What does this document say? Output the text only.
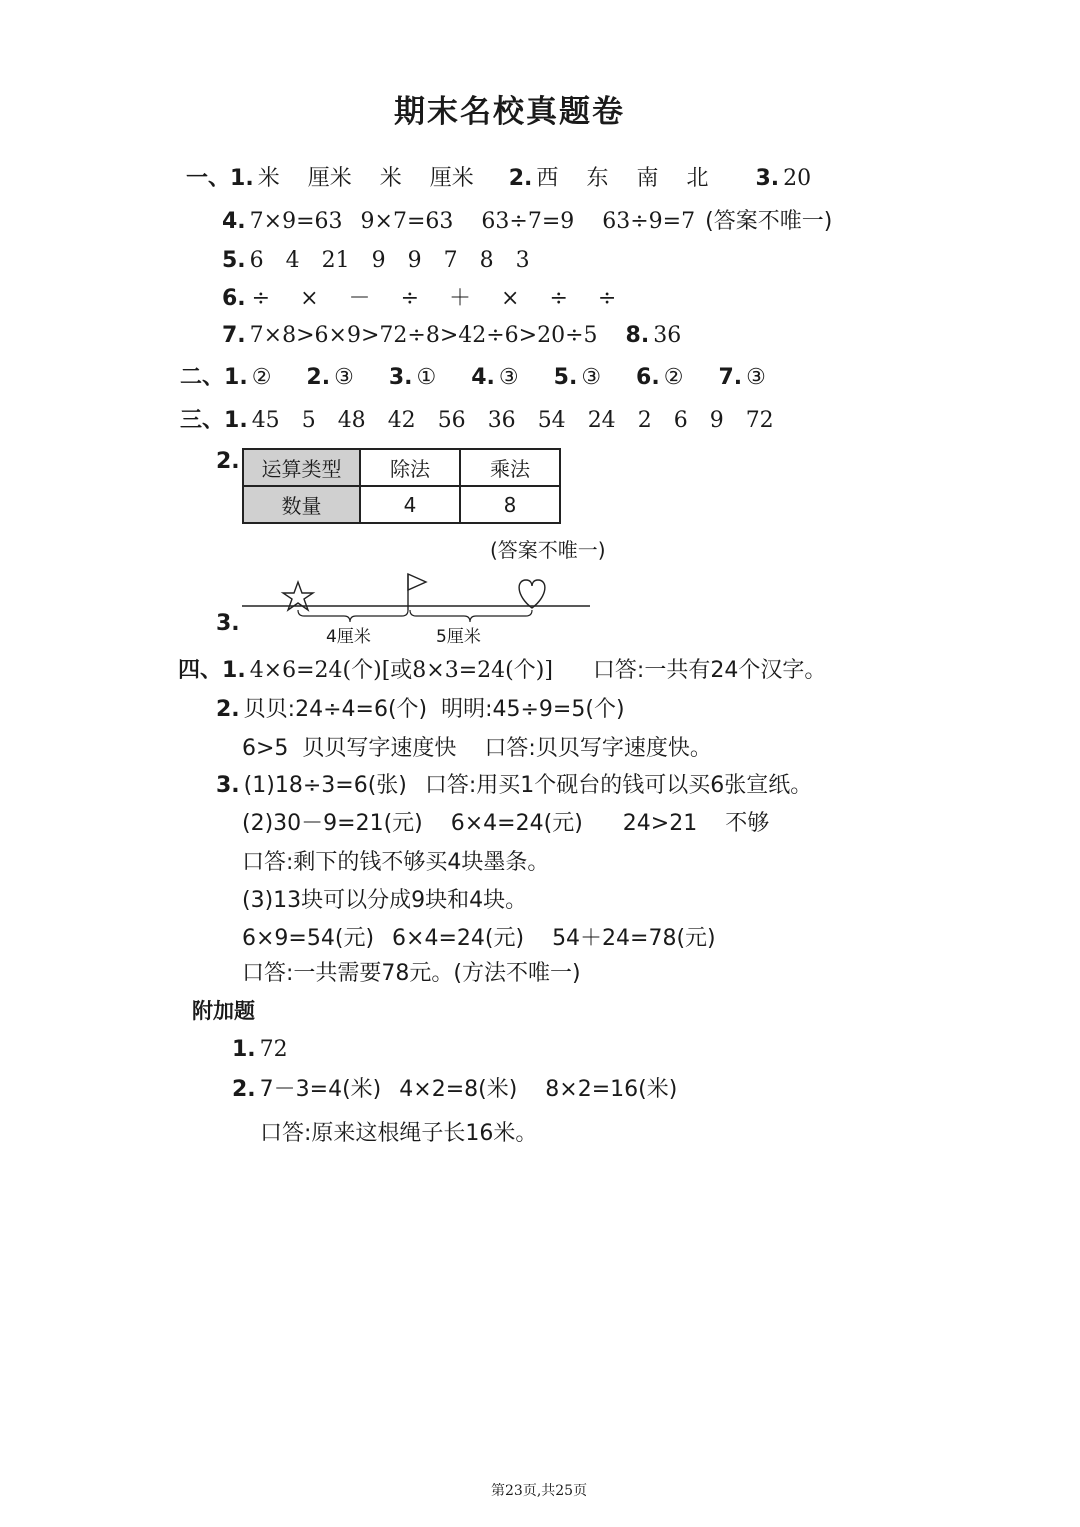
期末名校真题卷
一、1. 米 厘米 米 厘米 2. 西 东 南 北 3. 20
4. 7×9=63 9×7=63 63÷7=9 63÷9=7 (答案不唯一)
5. 6 4 21 9 9 7 8 3
6. ÷ × － ÷ ＋ × ÷ ÷
7. 7×8>6×9>72÷8>42÷6>20÷5 8. 36
二、1. ② 2. ③ 3. ① 4. ③ 5. ③ 6. ② 7. ③
三、1. 45 5 48 42 56 36 54 24 2 6 9 72
2. 运算类型	除法	乘法
数量	4	8
(答案不唯一)
3.
4厘米	5厘米
四、1. 4×6=24(个)[或8×3=24(个)] 口答:一共有24个汉字。
2. 贝贝:24÷4=6(个)  明明:45÷9=5(个)
6>5  贝贝写字速度快 口答:贝贝写字速度快。
3. (1)18÷3=6(张) 口答:用买1个砚台的钱可以买6张宣纸。
(2)30－9=21(元) 6×4=24(元) 24>21 不够
口答:剩下的钱不够买4块墨条。
(3)13块可以分成9块和4块。
6×9=54(元) 6×4=24(元) 54＋24=78(元)
口答:一共需要78元。(方法不唯一)
附加题
1. 72
2. 7－3=4(米) 4×2=8(米) 8×2=16(米)
口答:原来这根绳子长16米。
第23页,共25页
